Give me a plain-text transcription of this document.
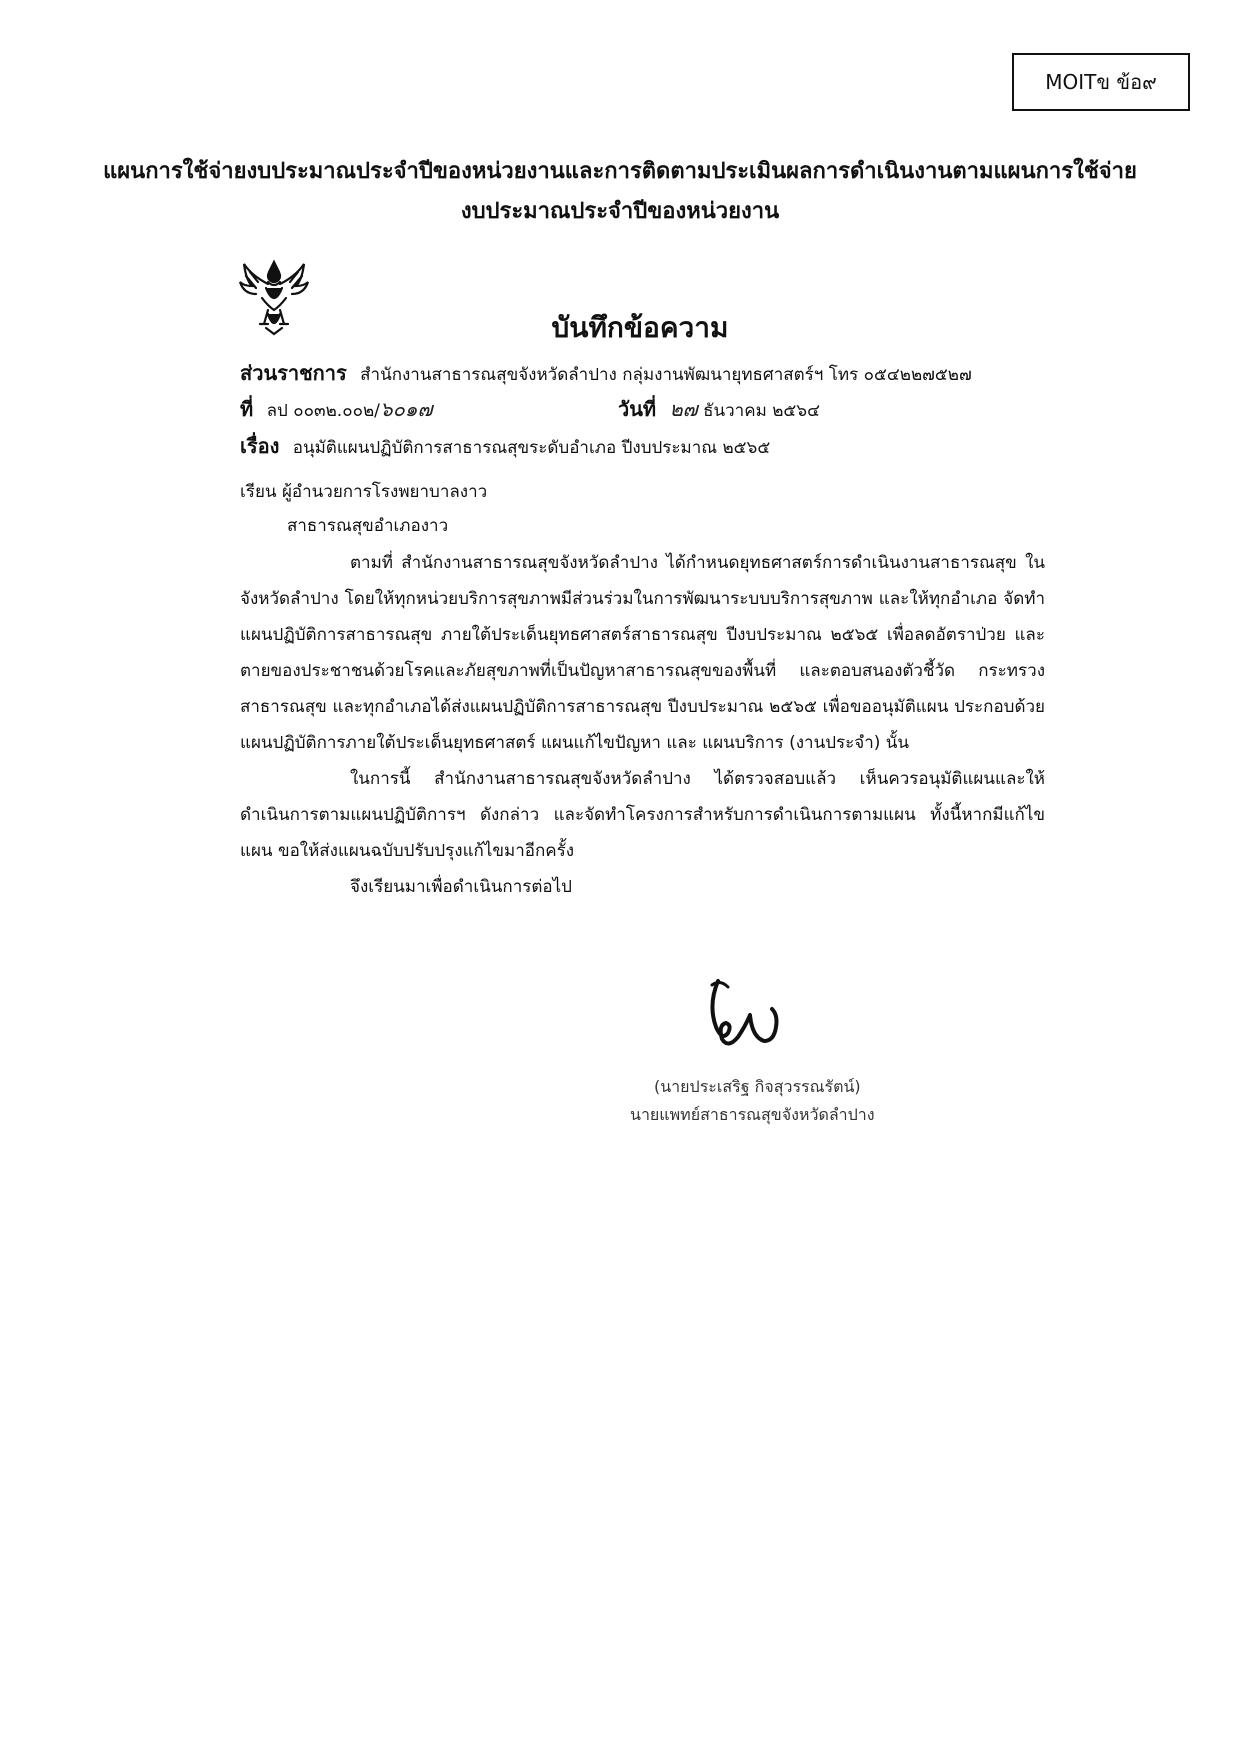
MOITข ข้อ๙
แผนการใช้จ่ายงบประมาณประจำปีของหน่วยงานและการติดตามประเมินผลการดำเนินงานตามแผนการใช้จ่าย
งบประมาณประจำปีของหน่วยงาน
บันทึกข้อความ
ส่วนราชการ สำนักงานสาธารณสุขจังหวัดลำปาง กลุ่มงานพัฒนายุทธศาสตร์ฯ โทร ๐๕๔๒๒๗๕๒๗
ที่ ลป ๐๐๓๒.๐๐๒/๖๐๑๗	วันที่ ๒๗ ธันวาคม ๒๕๖๔
เรื่อง อนุมัติแผนปฏิบัติการสาธารณสุขระดับอำเภอ ปีงบประมาณ ๒๕๖๕
เรียน ผู้อำนวยการโรงพยาบาลงาว
สาธารณสุขอำเภองาว

ตามที่ สำนักงานสาธารณสุขจังหวัดลำปาง ได้กำหนดยุทธศาสตร์การดำเนินงานสาธารณสุข ในจังหวัดลำปาง โดยให้ทุกหน่วยบริการสุขภาพมีส่วนร่วมในการพัฒนาระบบบริการสุขภาพ และให้ทุกอำเภอ จัดทำแผนปฏิบัติการสาธารณสุข ภายใต้ประเด็นยุทธศาสตร์สาธารณสุข ปีงบประมาณ ๒๕๖๕ เพื่อลดอัตราป่วย และตายของประชาชนด้วยโรคและภัยสุขภาพที่เป็นปัญหาสาธารณสุขของพื้นที่ และตอบสนองตัวชี้วัด กระทรวงสาธารณสุข และทุกอำเภอได้ส่งแผนปฏิบัติการสาธารณสุข ปีงบประมาณ ๒๕๖๕ เพื่อขออนุมัติแผน ประกอบด้วย แผนปฏิบัติการภายใต้ประเด็นยุทธศาสตร์ แผนแก้ไขปัญหา และ แผนบริการ (งานประจำ) นั้น

ในการนี้ สำนักงานสาธารณสุขจังหวัดลำปาง ได้ตรวจสอบแล้ว เห็นควรอนุมัติแผนและให้ ดำเนินการตามแผนปฏิบัติการฯ ดังกล่าว และจัดทำโครงการสำหรับการดำเนินการตามแผน ทั้งนี้หากมีแก้ไข แผน ขอให้ส่งแผนฉบับปรับปรุงแก้ไขมาอีกครั้ง

จึงเรียนมาเพื่อดำเนินการต่อไป

(นายประเสริฐ กิจสุวรรณรัตน์)
นายแพทย์สาธารณสุขจังหวัดลำปาง
